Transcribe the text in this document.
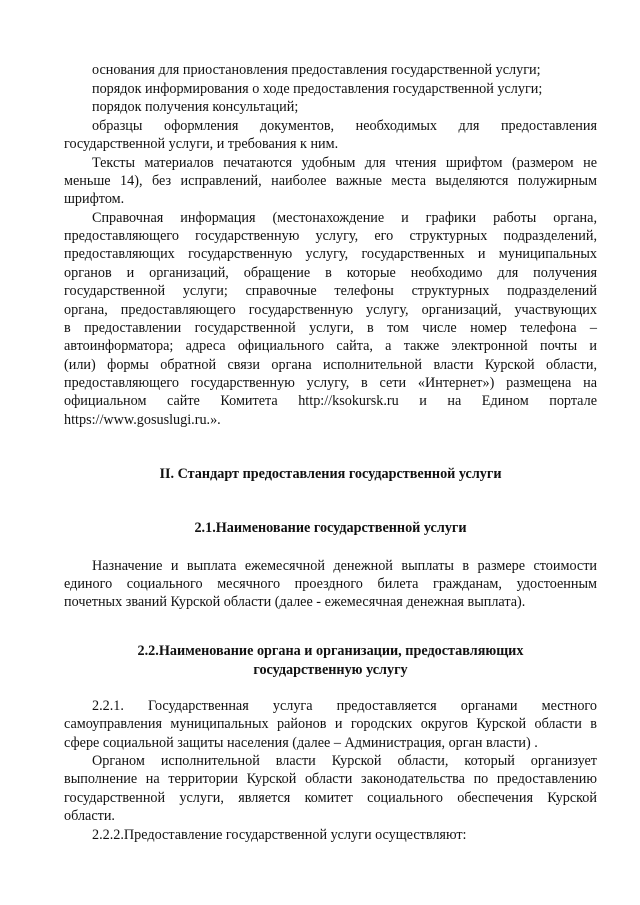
основания для приостановления предоставления государственной услуги;
порядок информирования о ходе предоставления государственной услуги;
порядок получения консультаций;
образцы оформления документов, необходимых для предоставления
государственной услуги, и требования к ним.
Тексты материалов печатаются удобным для чтения шрифтом (размером не
меньше 14), без исправлений, наиболее важные места выделяются полужирным
шрифтом.
Справочная информация (местонахождение и графики работы органа,
предоставляющего государственную услугу, его структурных подразделений,
предоставляющих государственную услугу, государственных и муниципальных
органов и организаций, обращение в которые необходимо для получения
государственной услуги; справочные телефоны структурных подразделений
органа, предоставляющего государственную услугу, организаций, участвующих
в предоставлении государственной услуги, в том числе номер телефона –
автоинформатора; адреса официального сайта, а также электронной почты и
(или) формы обратной связи органа исполнительной власти Курской области,
предоставляющего государственную услугу, в сети «Интернет») размещена на
официальном сайте Комитета http://ksokursk.ru и на Едином портале
https://www.gosuslugi.ru.».
II. Стандарт предоставления государственной услуги
2.1.Наименование государственной услуги
Назначение и выплата ежемесячной денежной выплаты в размере стоимости
единого социального месячного проездного билета гражданам, удостоенным
почетных званий Курской области (далее - ежемесячная денежная выплата).
2.2.Наименование органа и организации, предоставляющих
государственную услугу
2.2.1. Государственная услуга предоставляется органами местного
самоуправления муниципальных районов и городских округов Курской области в
сфере социальной защиты населения (далее – Администрация, орган власти) .
Органом исполнительной власти Курской области, который организует
выполнение на территории Курской области законодательства по предоставлению
государственной услуги, является комитет социального обеспечения Курской
области.
2.2.2.Предоставление государственной услуги осуществляют:
